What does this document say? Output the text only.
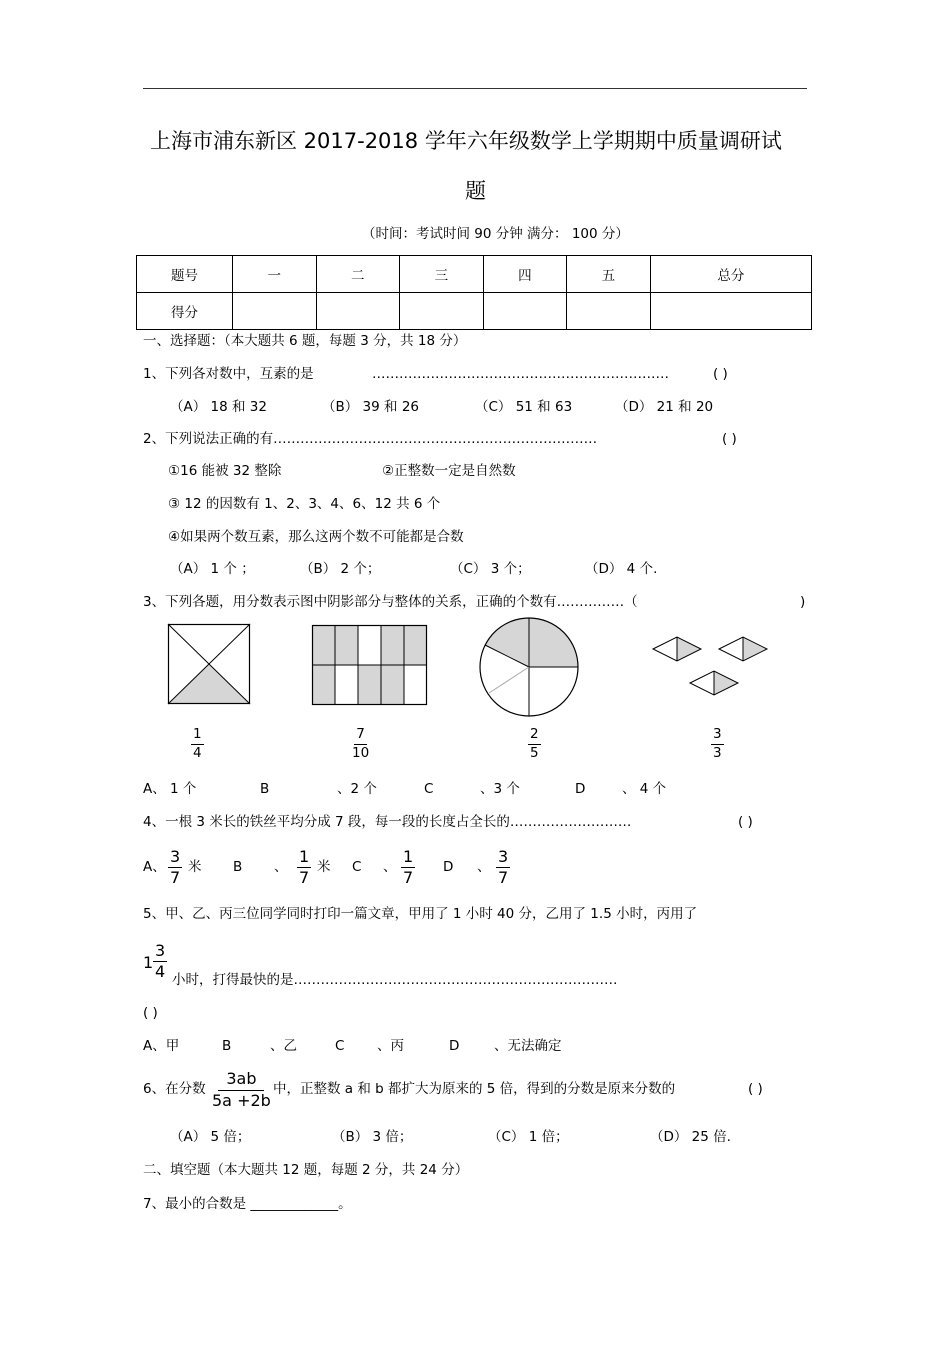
上海市浦东新区 2017-2018 学年六年级数学上学期期中质量调研试
题
（时间：考试时间 90 分钟 满分： 100 分）
题号	一	二	三	四	五	总分
得分						
一、选择题：（本大题共 6 题，每题 3 分，共 18 分）
1、下列各对数中，互素的是	…………………………………………………………	( )
（A） 18 和 32	（B） 39 和 26	（C） 51 和 63	（D） 21 和 20
2、下列说法正确的有………………………………………………………………	( )
①16 能被 32 整除	②正整数一定是自然数
③ 12 的因数有 1、2、3、4、6、12 共 6 个
④如果两个数互素，那么这两个数不可能都是合数
（A） 1 个 ；	（B） 2 个；	（C） 3 个；	（D） 4 个.
3、下列各题，用分数表示图中阴影部分与整体的关系，正确的个数有……………（	)
$\frac{1}{4}$	$\frac{7}{10}$	$\frac{2}{5}$	$\frac{3}{3}$
A、 1 个	B	、2 个	C	、3 个	D	、 4 个
4、一根 3 米长的铁丝平均分成 7 段，每一段的长度占全长的………………………	( )
A、 $\frac{3}{7}$ 米 B 、 $\frac{1}{7}$ 米 C 、 $\frac{1}{7}$ D 、 $\frac{3}{7}$
5、甲、乙、丙三位同学同时打印一篇文章，甲用了 1 小时 40 分，乙用了 1.5 小时，丙用了
$1 \frac{3}{4}$ 小时，打得最快的是………………………………………………………………
( )
A、甲	B	、乙	C 、丙	D	、无法确定
6、在分数 $\frac{3ab}{5a +2b}$ 中，正整数 a 和 b 都扩大为原来的 5 倍，得到的分数是原来分数的	( )
（A） 5 倍；	（B） 3 倍；	（C） 1 倍；	（D） 25 倍.
二、填空题（本大题共 12 题，每题 2 分，共 24 分）
7、最小的合数是 _____________。
